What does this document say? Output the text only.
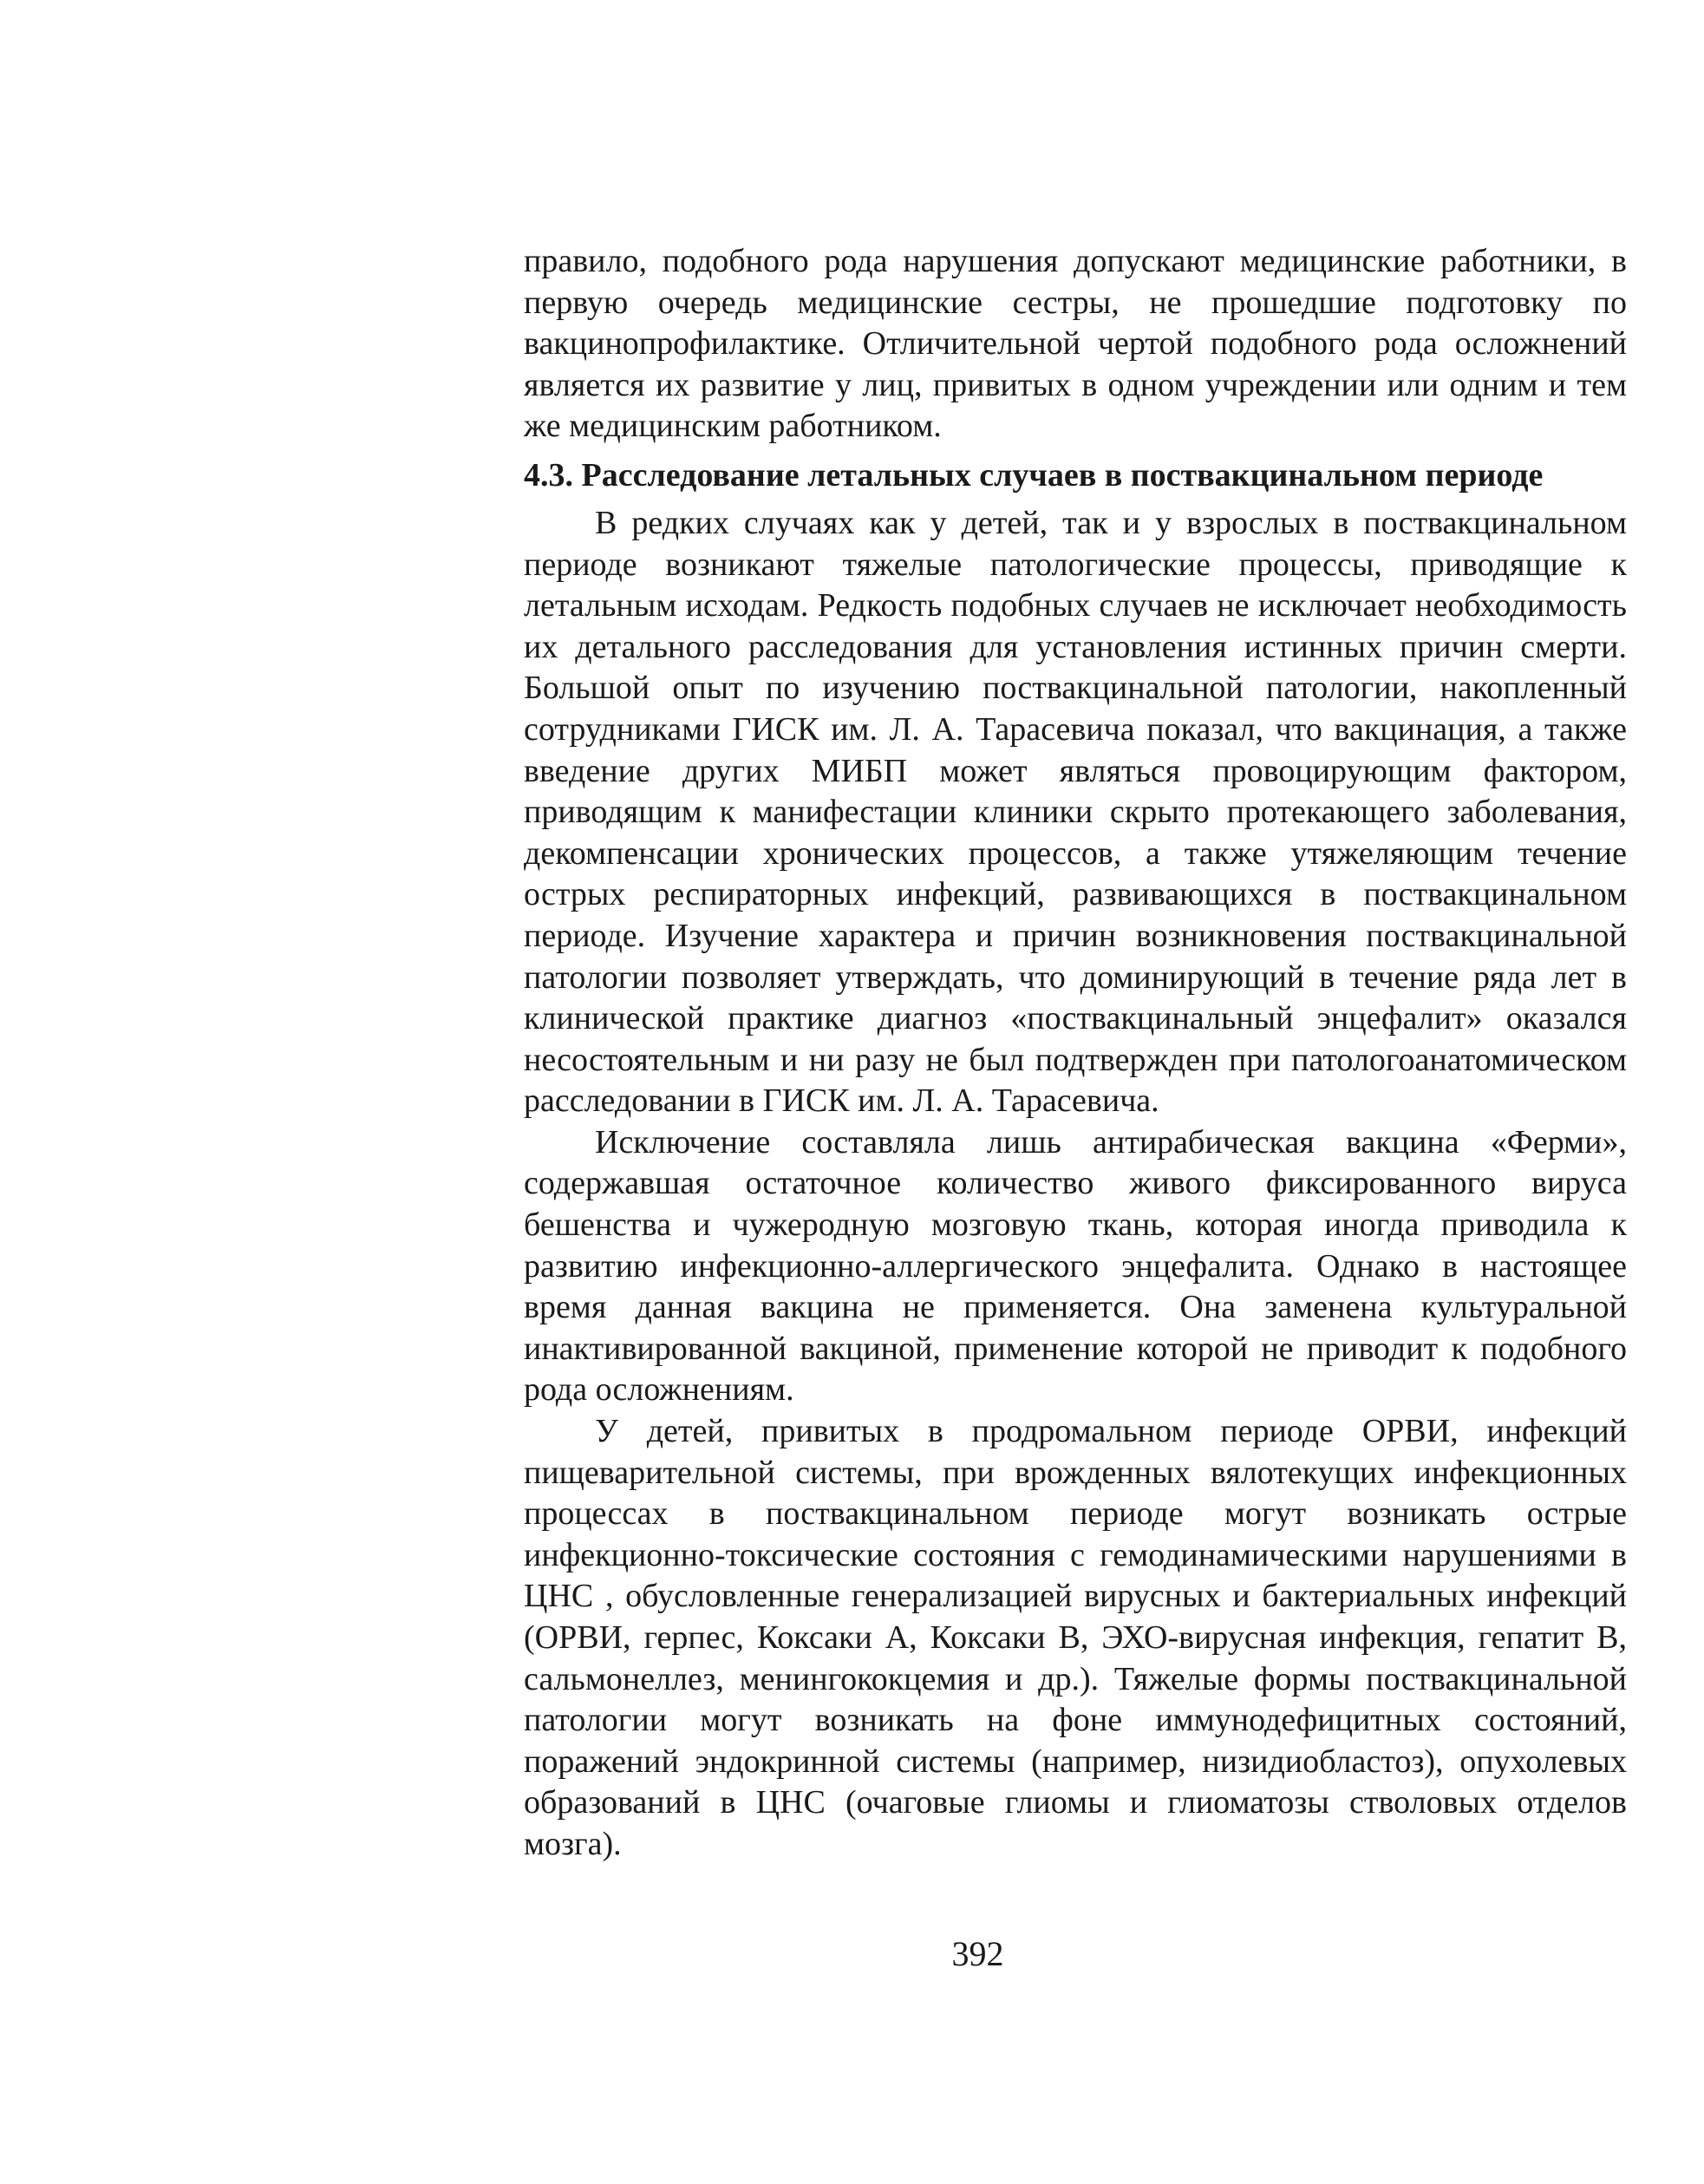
правило, подобного рода нарушения допускают медицинские работники, в первую очередь медицинские сестры, не прошедшие подготовку по вакцинопрофилактике. Отличительной чертой подобного рода осложнений является их развитие у лиц, привитых в одном учреждении или одним и тем же медицинским работником.

4.3. Расследование летальных случаев в поствакцинальном периоде

В редких случаях как у детей, так и у взрослых в поствакцинальном периоде возникают тяжелые патологические процессы, приводящие к летальным исходам. Редкость подобных случаев не исключает необходимость их детального расследования для установления истинных причин смерти. Большой опыт по изучению поствакцинальной патологии, накопленный сотрудниками ГИСК им. Л. А. Тарасевича показал, что вакцинация, а также введение других МИБП может являться провоцирующим фактором, приводящим к манифестации клиники скрыто протекающего заболевания, декомпенсации хронических процессов, а также утяжеляющим течение острых респираторных инфекций, развивающихся в поствакцинальном периоде. Изучение характера и причин возникновения поствакцинальной патологии позволяет утверждать, что доминирующий в течение ряда лет в клинической практике диагноз «поствакцинальный энцефалит» оказался несостоятельным и ни разу не был подтвержден при патологоанатомическом расследовании в ГИСК им. Л. А. Тарасевича.

Исключение составляла лишь антирабическая вакцина «Ферми», содержавшая остаточное количество живого фиксированного вируса бешенства и чужеродную мозговую ткань, которая иногда приводила к развитию инфекционно-аллергического энцефалита. Однако в настоящее время данная вакцина не применяется. Она заменена культуральной инактивированной вакциной, применение которой не приводит к подобного рода осложнениям.

У детей, привитых в продромальном периоде ОРВИ, инфекций пищеварительной системы, при врожденных вялотекущих инфекционных процессах в поствакцинальном периоде могут возникать острые инфекционно-токсические состояния с гемодинамическими нарушениями в ЦНС , обусловленные генерализацией вирусных и бактериальных инфекций (ОРВИ, герпес, Коксаки А, Коксаки В, ЭХО-вирусная инфекция, гепатит В, сальмонеллез, менингококцемия и др.). Тяжелые формы поствакцинальной патологии могут возникать на фоне иммунодефицитных состояний, поражений эндокринной системы (например, низидиобластоз), опухолевых образований в ЦНС (очаговые глиомы и глиоматозы стволовых отделов мозга).

392
